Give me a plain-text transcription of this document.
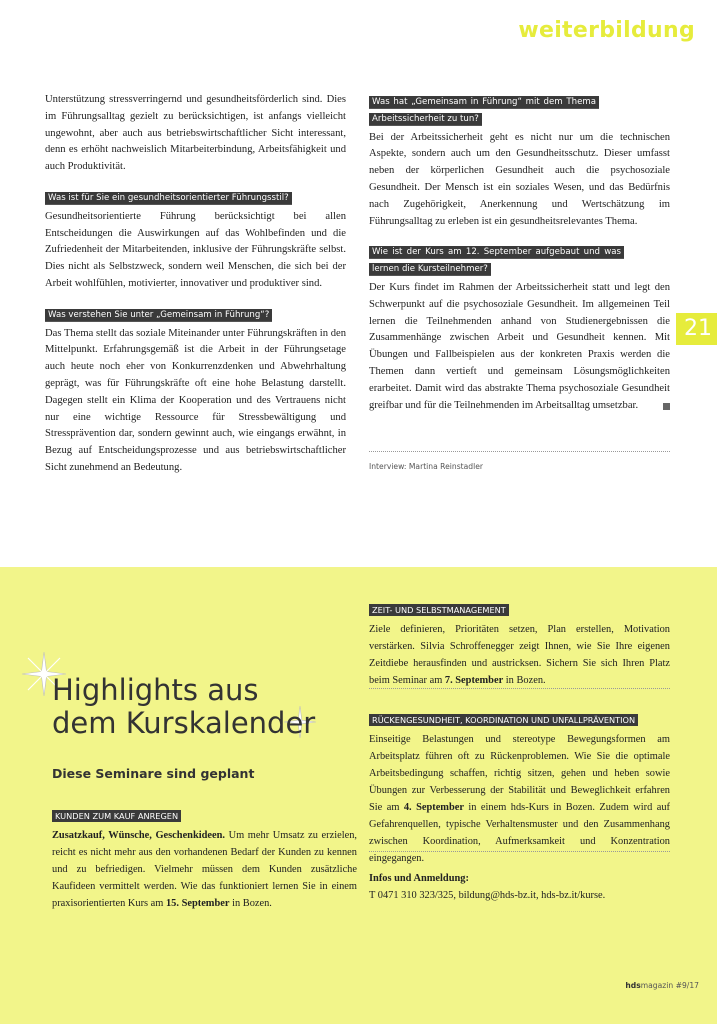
weiterbildung

Unterstützung stressverringernd und gesundheitsförderlich sind. Dies im Führungsalltag gezielt zu berücksichtigen, ist anfangs vielleicht ungewohnt, aber auch aus betriebswirtschaftlicher Sicht interessant, denn es erhöht nachweislich Mitarbeiterbindung, Arbeitsfähigkeit und auch Produktivität.

Was ist für Sie ein gesundheitsorientierter Führungsstil?

Gesundheitsorientierte Führung berücksichtigt bei allen Entscheidungen die Auswirkungen auf das Wohlbefinden und die Zufriedenheit der Mitarbeitenden, inklusive der Führungskräfte selbst. Dies nicht als Selbstzweck, sondern weil Menschen, die sich bei der Arbeit wohlfühlen, motivierter, innovativer und produktiver sind.

Was verstehen Sie unter „Gemeinsam in Führung“?

Das Thema stellt das soziale Miteinander unter Führungskräften in den Mittelpunkt. Erfahrungsgemäß ist die Arbeit in der Führungsetage auch heute noch eher von Konkurrenzdenken und Abwehrhaltung geprägt, was für Führungskräfte oft eine hohe Belastung darstellt. Dagegen stellt ein Klima der Kooperation und des Vertrauens nicht nur eine wichtige Ressource für Stressbewältigung und Stressprävention dar, sondern gewinnt auch, wie eingangs erwähnt, in Bezug auf Entscheidungsprozesse und aus betriebswirtschaftlicher Sicht zunehmend an Bedeutung.

Was hat „Gemeinsam in Führung“ mit dem Thema Arbeitssicherheit zu tun?

Bei der Arbeitssicherheit geht es nicht nur um die technischen Aspekte, sondern auch um den Gesundheitsschutz. Dieser umfasst neben der körperlichen Gesundheit auch die psychosoziale Gesundheit. Der Mensch ist ein soziales Wesen, und das Bedürfnis nach Zugehörigkeit, Anerkennung und Wertschätzung im Führungsalltag zu erleben ist ein gesundheitsrelevantes Thema.

Wie ist der Kurs am 12. September aufgebaut und was lernen die Kursteilnehmer?

Der Kurs findet im Rahmen der Arbeitssicherheit statt und legt den Schwerpunkt auf die psychosoziale Gesundheit. Im allgemeinen Teil lernen die Teilnehmenden anhand von Studienergebnissen die Zusammenhänge zwischen Arbeit und Gesundheit kennen. Mit Übungen und Fallbeispielen aus der konkreten Praxis werden die Themen dann vertieft und gemeinsam Lösungsmöglichkeiten erarbeitet. Damit wird das abstrakte Thema psychosoziale Gesundheit greifbar und für die Teilnehmenden im Arbeitsalltag umsetzbar.

21
Interview: Martina Reinstadler
Highlights aus
dem Kurskalender
Diese Seminare sind geplant
KUNDEN ZUM KAUF ANREGEN

Zusatzkauf, Wünsche, Geschenkideen. Um mehr Umsatz zu erzielen, reicht es nicht mehr aus den vorhandenen Bedarf der Kunden zu kennen und zu befriedigen. Vielmehr müssen dem Kunden zusätzliche Kaufideen vermittelt werden. Wie das funktioniert lernen Sie in einem praxisorientierten Kurs am 15. September in Bozen.

ZEIT- UND SELBSTMANAGEMENT

Ziele definieren, Prioritäten setzen, Plan erstellen, Motivation verstärken. Silvia Schroffenegger zeigt Ihnen, wie Sie Ihre eigenen Zeitdiebe herausfinden und austricksen. Sichern Sie sich Ihren Platz beim Seminar am 7. September in Bozen.

RÜCKENGESUNDHEIT, KOORDINATION UND UNFALLPRÄVENTION

Einseitige Belastungen und stereotype Bewegungsformen am Arbeitsplatz führen oft zu Rückenproblemen. Wie Sie die optimale Arbeitsbedingung schaffen, richtig sitzen, gehen und heben sowie Übungen zur Verbesserung der Stabilität und Beweglichkeit erfahren Sie am 4. September in einem hds-Kurs in Bozen. Zudem wird auf Gefahrenquellen, typische Verhaltensmuster und den Zusammenhang zwischen Koordination, Aufmerksamkeit und Konzentration eingegangen.

Infos und Anmeldung:

T 0471 310 323/325, bildung@hds-bz.it, hds-bz.it/kurse.

hdsmagazin #9/17
